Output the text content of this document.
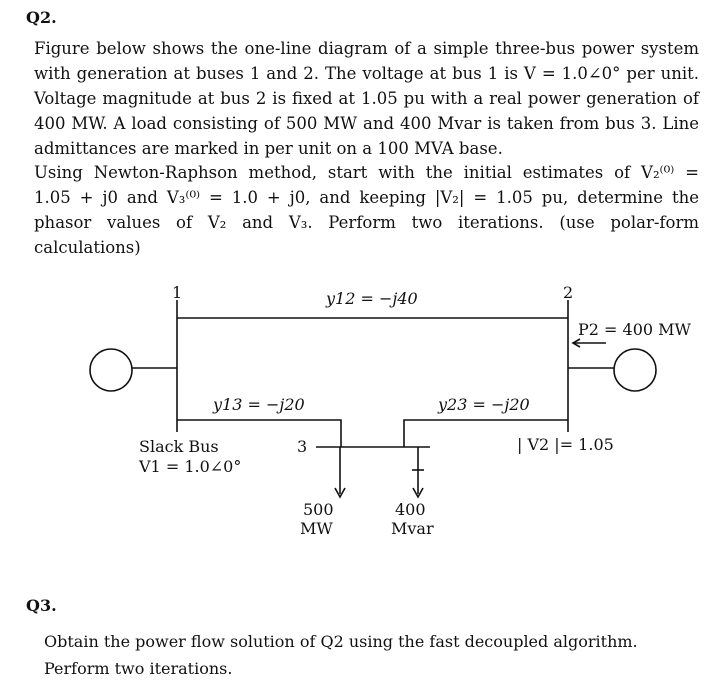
Q2.
Figure below shows the one-line diagram of a simple three-bus power system
with generation at buses 1 and 2. The voltage at bus 1 is V = 1.0∠0° per unit.
Voltage magnitude at bus 2 is fixed at 1.05 pu with a real power generation of
400 MW. A load consisting of 500 MW and 400 Mvar is taken from bus 3. Line
admittances are marked in per unit on a 100 MVA base.
Using Newton-Raphson method, start with the initial estimates of V₂⁽⁰⁾ =
1.05 + j0 and V₃⁽⁰⁾ = 1.0 + j0, and keeping |V₂| = 1.05 pu, determine the
phasor values of V₂ and V₃. Perform two iterations. (use polar-form calculations)
1	2
3
y12 = −j40
y13 = −j20	y23 = −j20
P2 = 400 MW
| V2 |= 1.05
Slack Bus
V1 = 1.0∠0°
500
MW
400
Mvar
Q3.
Obtain the power flow solution of Q2 using the fast decoupled algorithm.
Perform two iterations.
